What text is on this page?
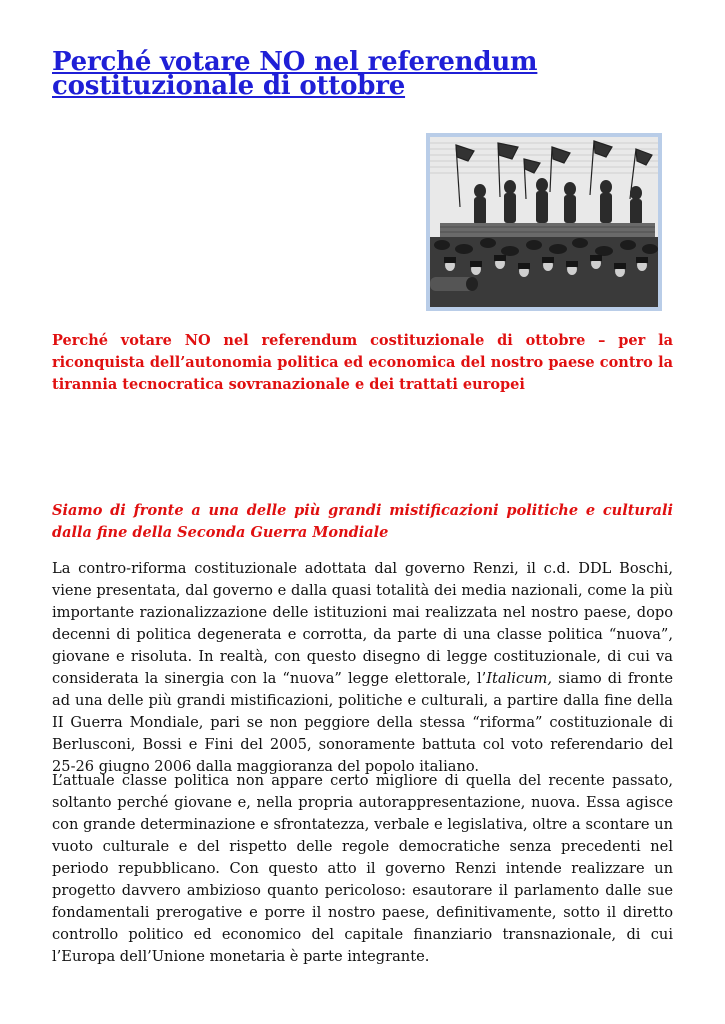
Perché votare NO nel referendum costituzionale di ottobre

Perché votare NO nel referendum costituzionale di ottobre – per la riconquista dell’autonomia politica ed economica del nostro paese contro la tirannia tecnocratica sovranazionale e dei trattati europei

Siamo di fronte a una delle più grandi mistificazioni politiche e culturali dalla fine della Seconda Guerra Mondiale

La contro-riforma costituzionale adottata dal governo Renzi, il c.d. DDL Boschi, viene presentata, dal governo e dalla quasi totalità dei media nazionali, come la più importante razionalizzazione delle istituzioni mai realizzata nel nostro paese, dopo decenni di politica degenerata e corrotta, da parte di una classe politica “nuova”, giovane e risoluta. In realtà, con questo disegno di legge costituzionale, di cui va considerata la sinergia con la “nuova” legge elettorale, l’Italicum, siamo di fronte ad una delle più grandi mistificazioni, politiche e culturali, a partire dalla fine della II Guerra Mondiale, pari se non peggiore della stessa “riforma” costituzionale di Berlusconi, Bossi e Fini del 2005, sonoramente battuta col voto referendario del 25-26 giugno 2006 dalla maggioranza del popolo italiano.

L’attuale classe politica non appare certo migliore di quella del recente passato, soltanto perché giovane e, nella propria autorappresentazione, nuova. Essa agisce con grande determinazione e sfrontatezza, verbale e legislativa, oltre a scontare un vuoto culturale e del rispetto delle regole democratiche senza precedenti nel periodo repubblicano. Con questo atto il governo Renzi intende realizzare un progetto davvero ambizioso quanto pericoloso: esautorare il parlamento dalle sue fondamentali prerogative e porre il nostro paese, definitivamente, sotto il diretto controllo politico ed economico del capitale finanziario transnazionale, di cui l’Europa dell’Unione monetaria è parte integrante.
